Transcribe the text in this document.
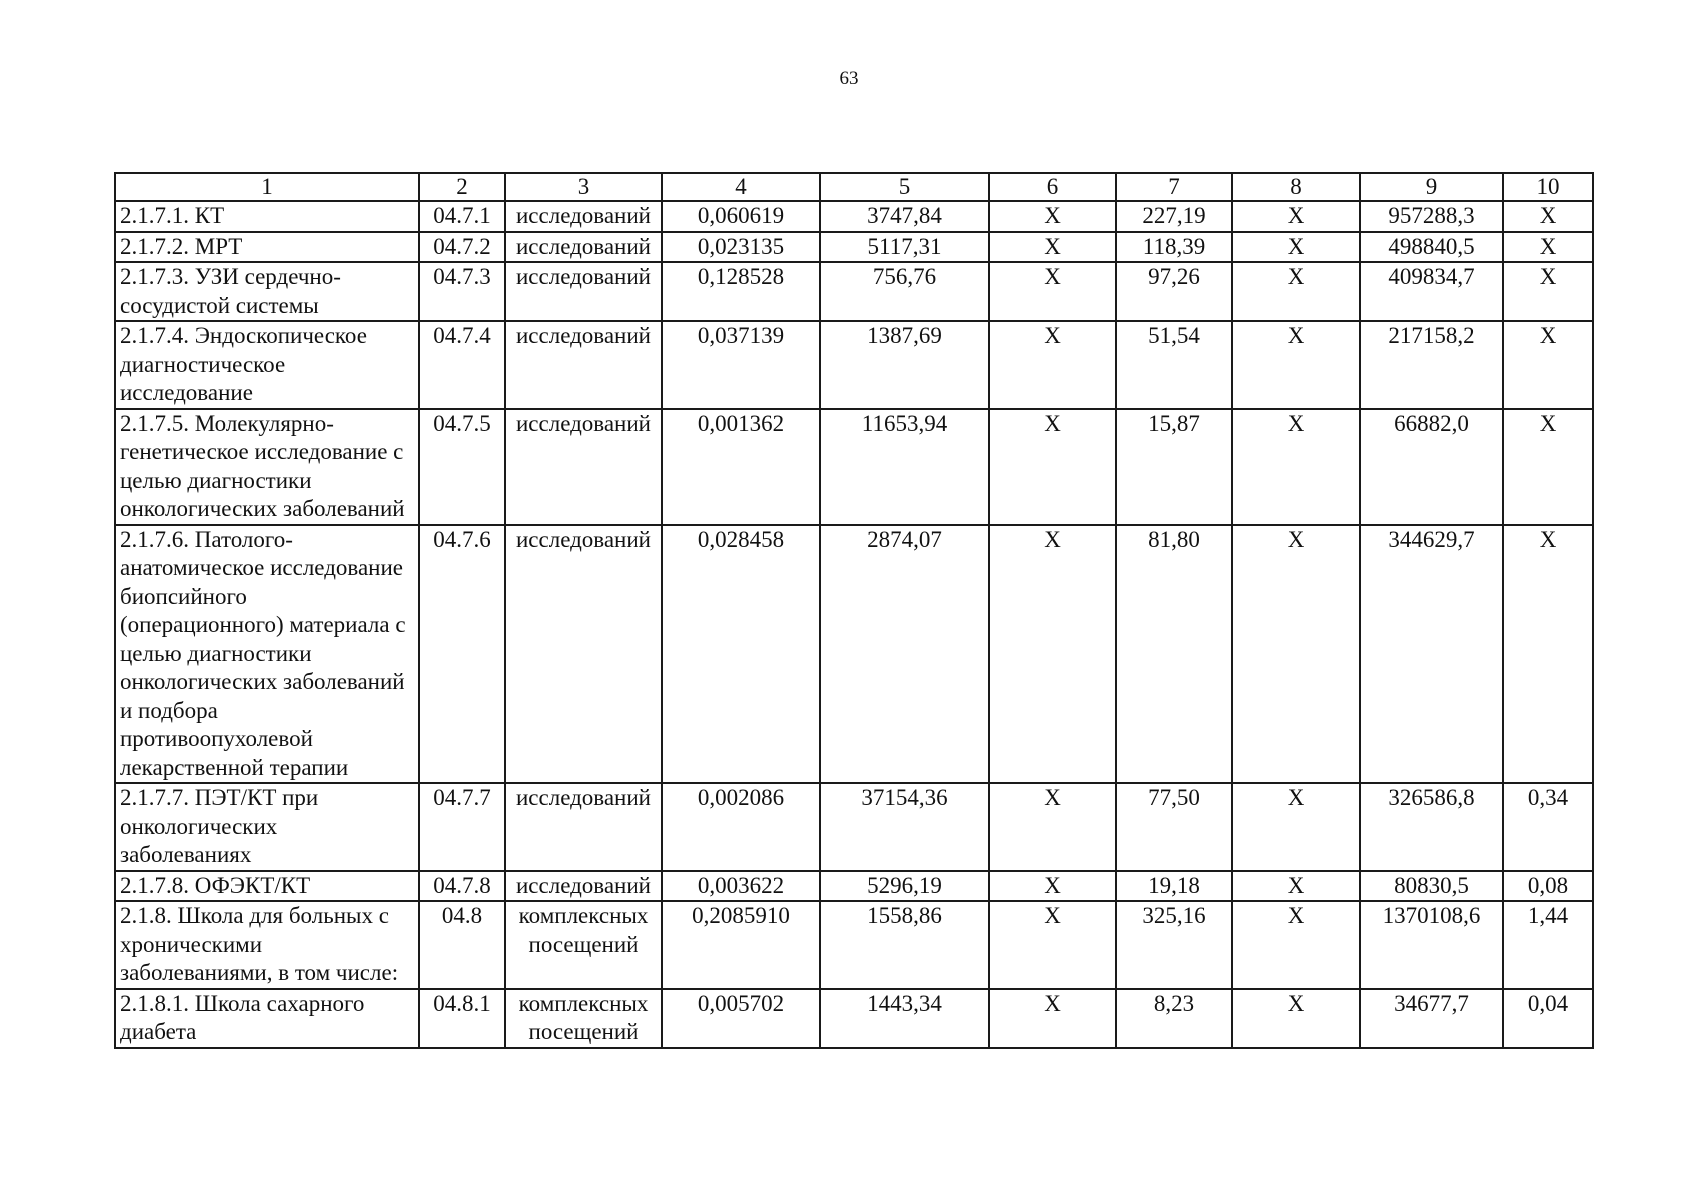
63
1	2	3	4	5	6	7	8	9	10
2.1.7.1. КТ	04.7.1	исследований	0,060619	3747,84	Х	227,19	Х	957288,3	Х
2.1.7.2. МРТ	04.7.2	исследований	0,023135	5117,31	Х	118,39	Х	498840,5	Х
2.1.7.3. УЗИ сердечно-сосудистой системы	04.7.3	исследований	0,128528	756,76	Х	97,26	Х	409834,7	Х
2.1.7.4. Эндоскопическое диагностическое исследование	04.7.4	исследований	0,037139	1387,69	Х	51,54	Х	217158,2	Х
2.1.7.5. Молекулярно-генетическое исследование с целью диагностики онкологических заболеваний	04.7.5	исследований	0,001362	11653,94	Х	15,87	Х	66882,0	Х
2.1.7.6. Патолого-анатомическое исследование биопсийного (операционного) материала с целью диагностики онкологических заболеваний и подбора противоопухолевой лекарственной терапии	04.7.6	исследований	0,028458	2874,07	Х	81,80	Х	344629,7	Х
2.1.7.7. ПЭТ/КТ при онкологических заболеваниях	04.7.7	исследований	0,002086	37154,36	Х	77,50	Х	326586,8	0,34
2.1.7.8. ОФЭКТ/КТ	04.7.8	исследований	0,003622	5296,19	Х	19,18	Х	80830,5	0,08
2.1.8. Школа для больных с хроническими заболеваниями, в том числе:	04.8	комплексных посещений	0,2085910	1558,86	Х	325,16	Х	1370108,6	1,44
2.1.8.1. Школа сахарного диабета	04.8.1	комплексных посещений	0,005702	1443,34	Х	8,23	Х	34677,7	0,04
